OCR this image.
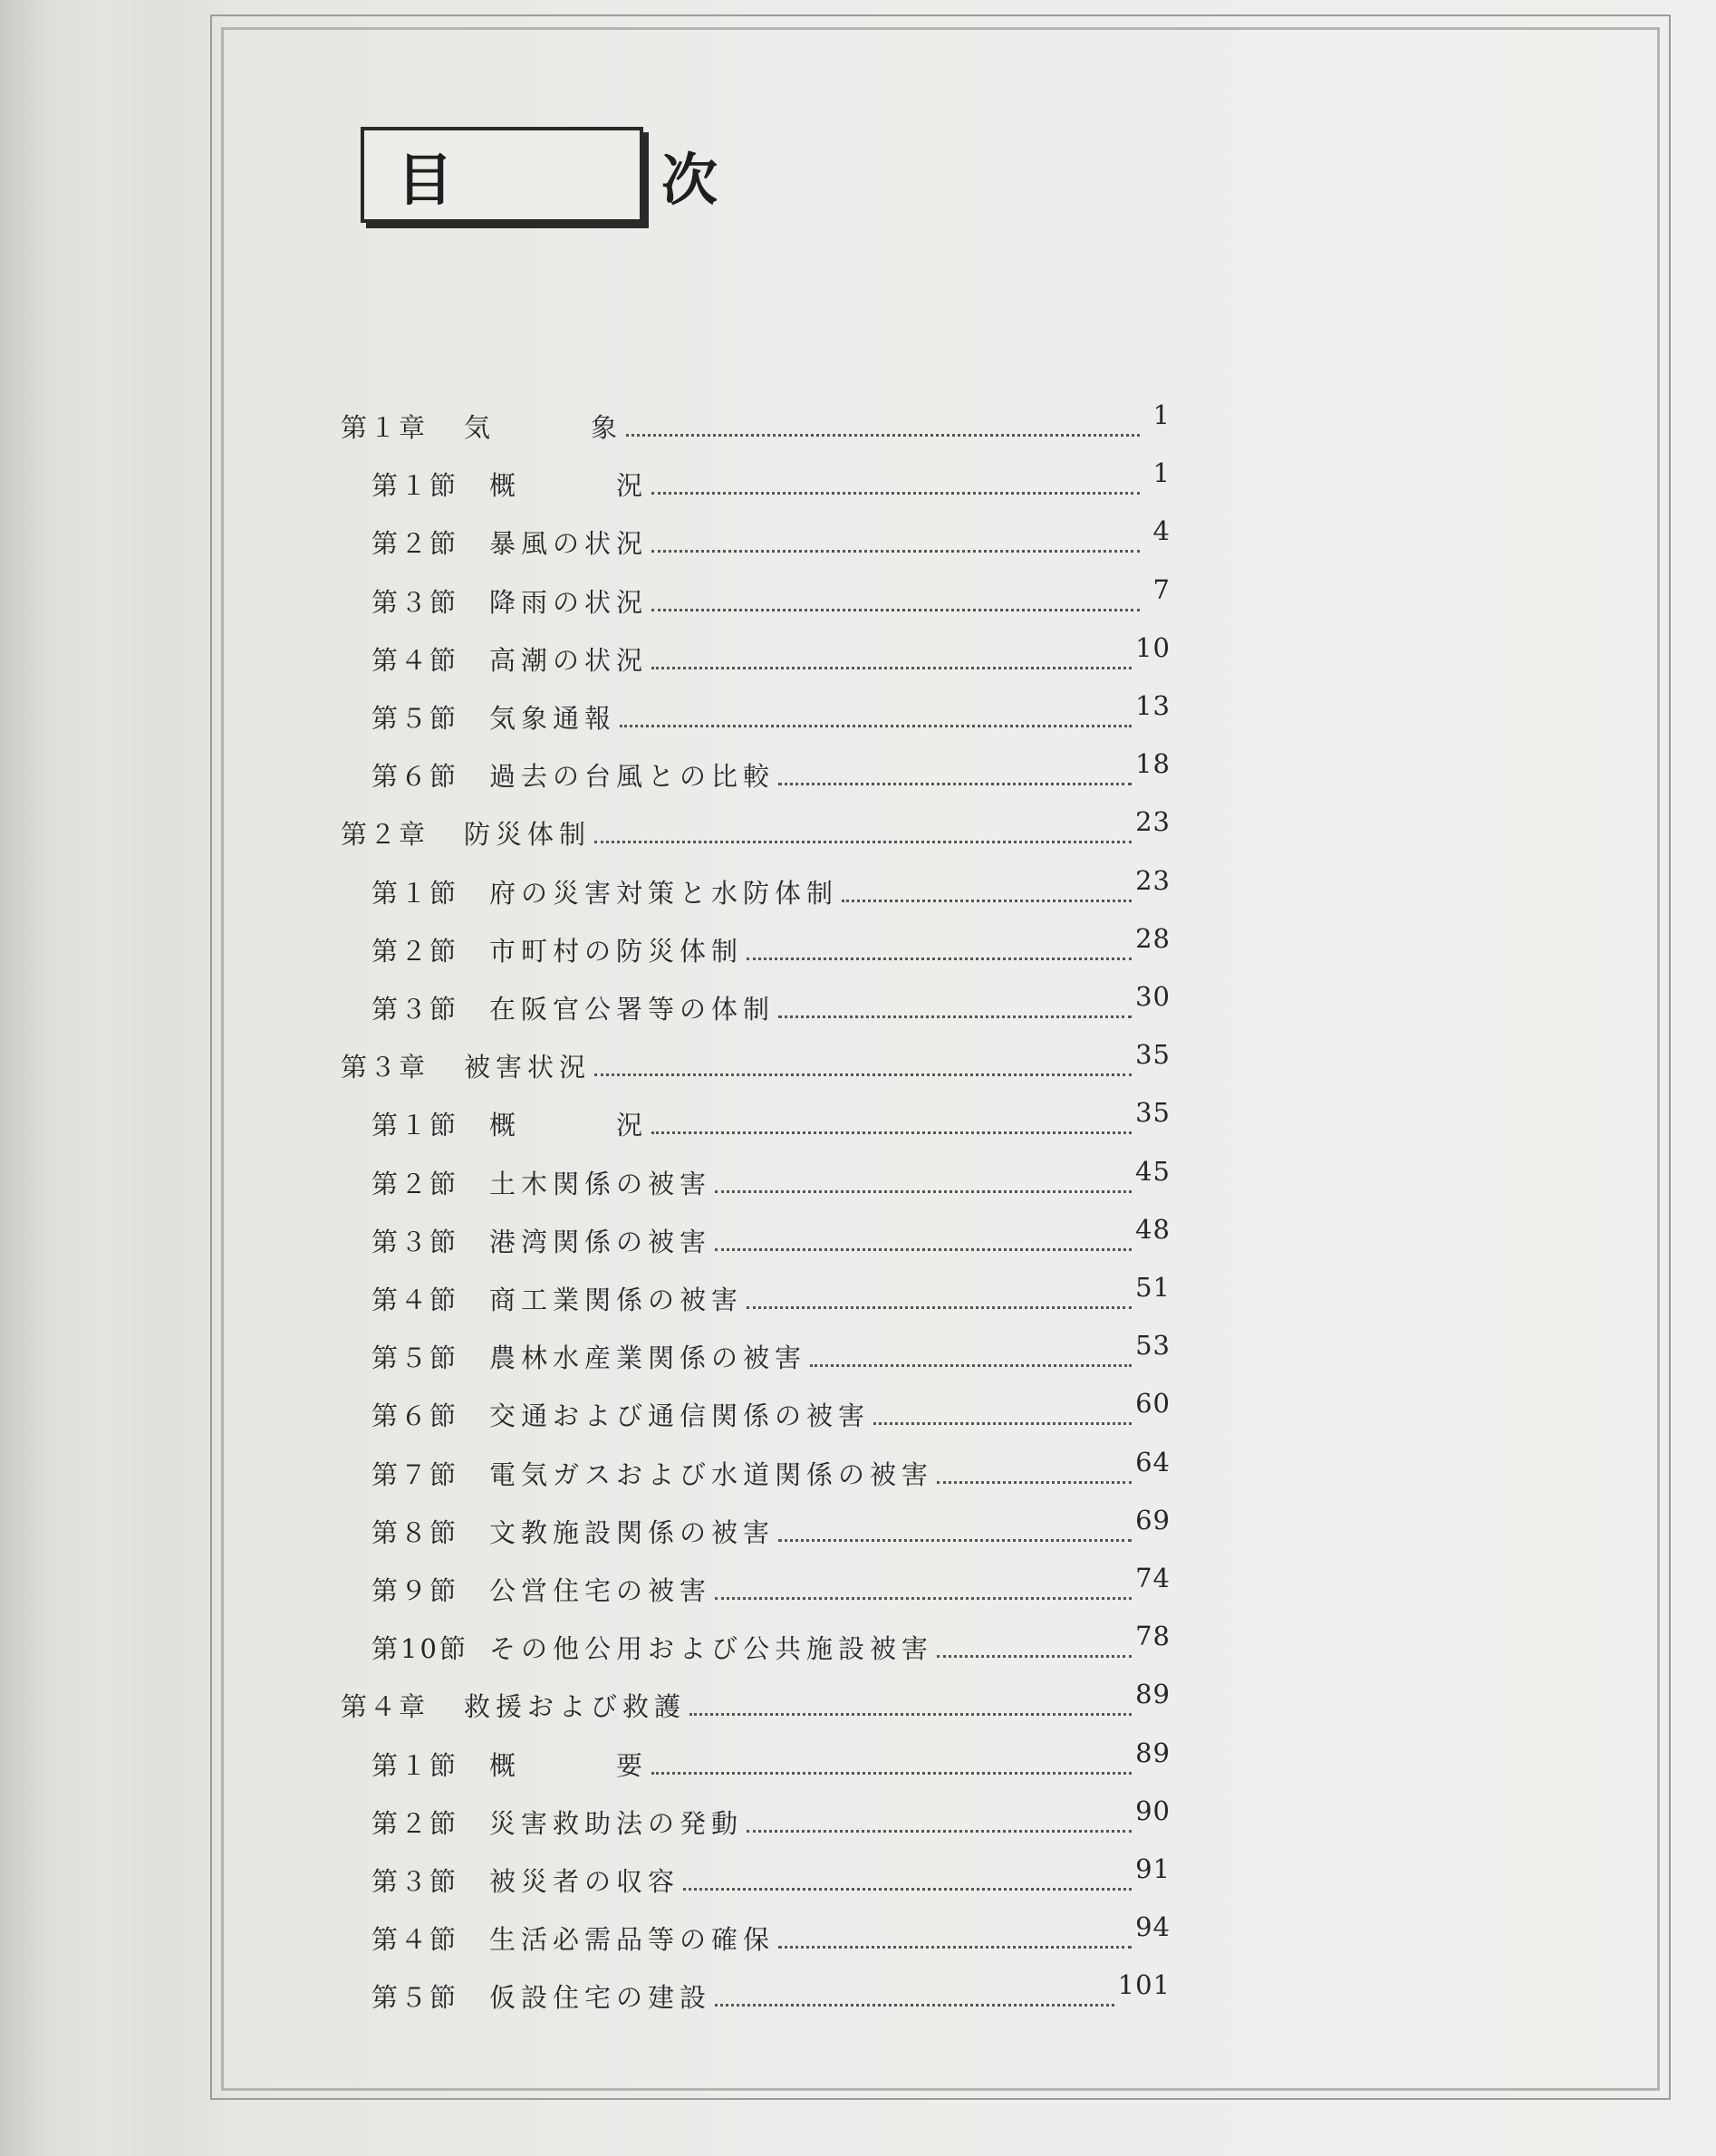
目　次
第１章	気　　　象	1
第１節	概　　　況	1
第２節	暴風の状況	4
第３節	降雨の状況	7
第４節	高潮の状況	10
第５節	気象通報	13
第６節	過去の台風との比較	18
第２章	防災体制	23
第１節	府の災害対策と水防体制	23
第２節	市町村の防災体制	28
第３節	在阪官公署等の体制	30
第３章	被害状況	35
第１節	概　　　況	35
第２節	土木関係の被害	45
第３節	港湾関係の被害	48
第４節	商工業関係の被害	51
第５節	農林水産業関係の被害	53
第６節	交通および通信関係の被害	60
第７節	電気ガスおよび水道関係の被害	64
第８節	文教施設関係の被害	69
第９節	公営住宅の被害	74
第10節 その他公用および公共施設被害	78
第４章	救援および救護	89
第１節	概　　　要	89
第２節	災害救助法の発動	90
第３節	被災者の収容	91
第４節	生活必需品等の確保	94
第５節	仮設住宅の建設	101
